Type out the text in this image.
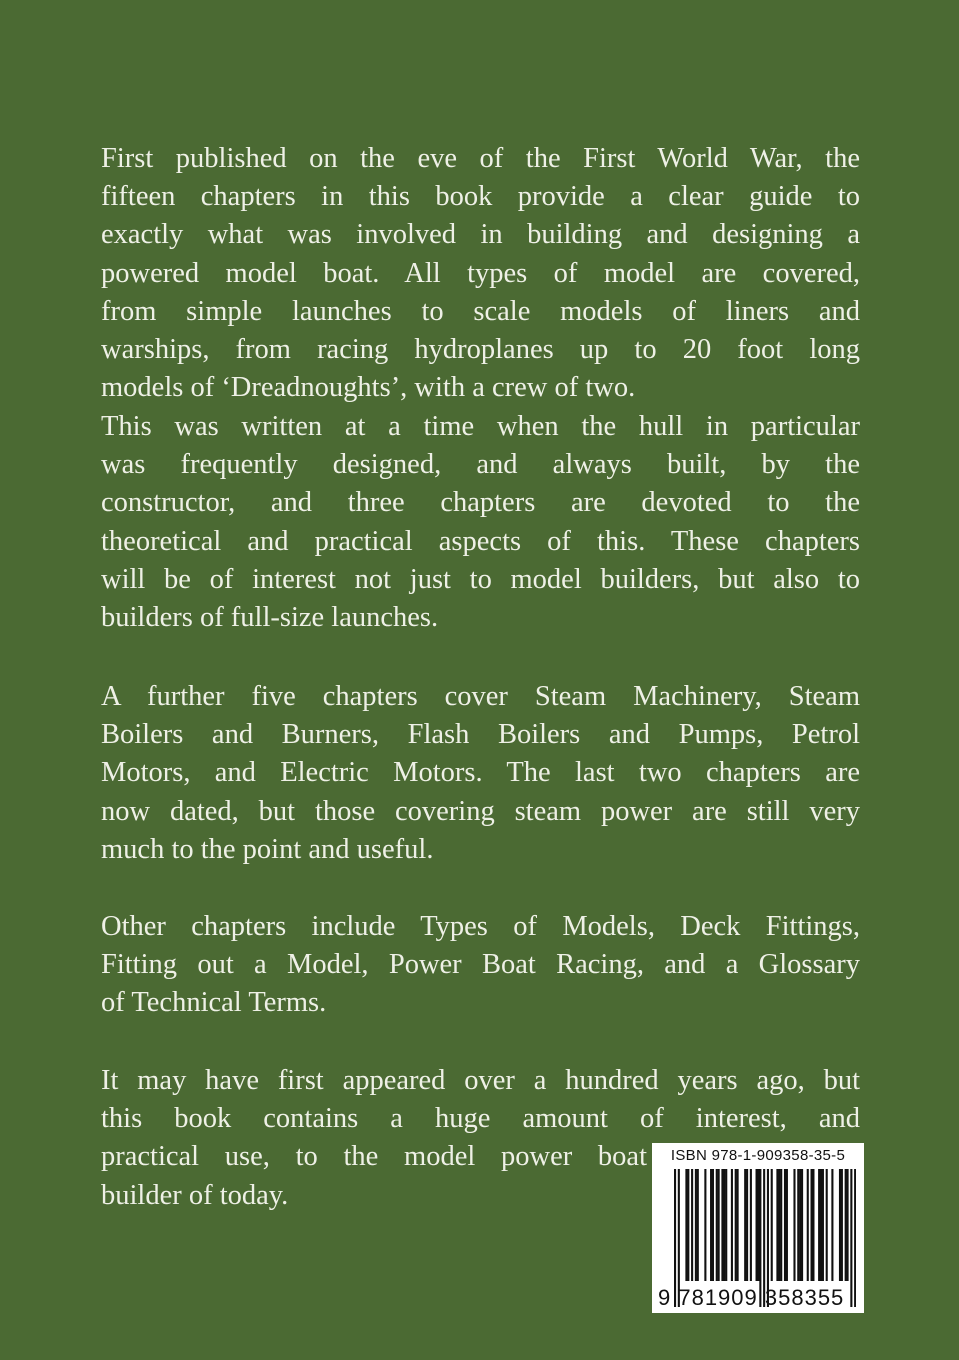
First published on the eve of the First World War, the
fifteen chapters in this book provide a clear guide to
exactly what was involved in building and designing a
powered model boat. All types of model are covered,
from simple launches to scale models of liners and
warships, from racing hydroplanes up to 20 foot long
models of ‘Dreadnoughts’, with a crew of two.
This was written at a time when the hull in particular
was frequently designed, and always built, by the
constructor, and three chapters are devoted to the
theoretical and practical aspects of this. These chapters
will be of interest not just to model builders, but also to
builders of full-size launches.
A further five chapters cover Steam Machinery, Steam
Boilers and Burners, Flash Boilers and Pumps, Petrol
Motors, and Electric Motors. The last two chapters are
now dated, but those covering steam power are still very
much to the point and useful.
Other chapters include Types of Models, Deck Fittings,
Fitting out a Model, Power Boat Racing, and a Glossary
of Technical Terms.
It may have first appeared over a hundred years ago, but
this book contains a huge amount of interest, and
practical use, to the model power boat
builder of today.
ISBN 978-1-909358-35-5
9 781909 358355
